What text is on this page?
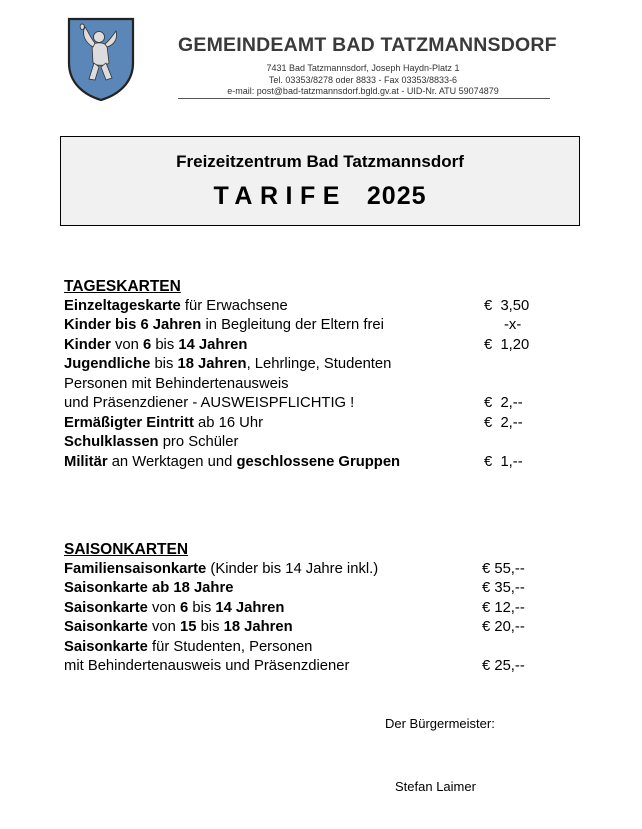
GEMEINDEAMT BAD TATZMANNSDORF
7431 Bad Tatzmannsdorf, Joseph Haydn-Platz 1
Tel. 03353/8278 oder 8833 - Fax 03353/8833-6
e-mail: post@bad-tatzmannsdorf.bgld.gv.at - UID-Nr. ATU 59074879
Freizeitzentrum Bad Tatzmannsdorf
TARIFE 2025
TAGESKARTEN
Einzeltageskarte für Erwachsene	€  3,50
Kinder bis 6 Jahren in Begleitung der Eltern frei	-x-
Kinder von 6 bis 14 Jahren	€  1,20
Jugendliche bis 18 Jahren, Lehrlinge, Studenten
Personen mit Behindertenausweis
und Präsenzdiener - AUSWEISPFLICHTIG !	€  2,--
Ermäßigter Eintritt ab 16 Uhr	€  2,--
Schulklassen pro Schüler
Militär an Werktagen und geschlossene Gruppen	€  1,--
SAISONKARTEN
Familiensaisonkarte (Kinder bis 14 Jahre inkl.)	€ 55,--
Saisonkarte ab 18 Jahre	€ 35,--
Saisonkarte von 6 bis 14 Jahren	€ 12,--
Saisonkarte von 15 bis 18 Jahren	€ 20,--
Saisonkarte für Studenten, Personen
mit Behindertenausweis und Präsenzdiener	€ 25,--
Der Bürgermeister:
Stefan Laimer
